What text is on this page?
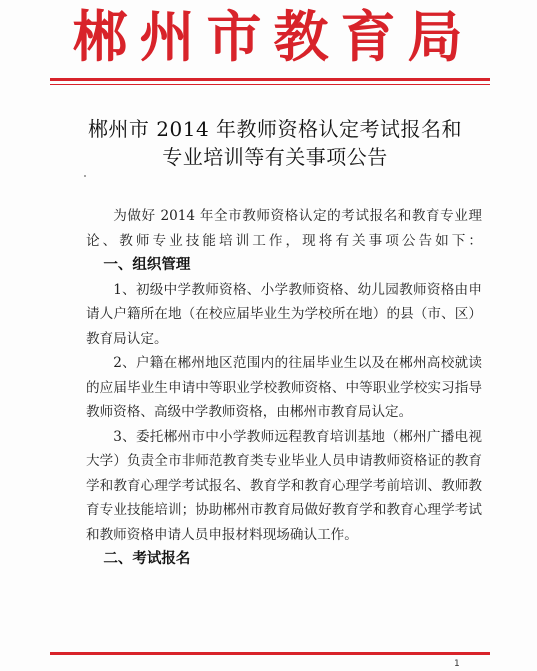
郴州市教育局
郴州市 2014 年教师资格认定考试报名和
专业培训等有关事项公告

为做好 2014 年全市教师资格认定的考试报名和教育专业理论、教师专业技能培训工作，现将有关事项公告如下：

一、组织管理

1、初级中学教师资格、小学教师资格、幼儿园教师资格由申请人户籍所在地（在校应届毕业生为学校所在地）的县（市、区）教育局认定。

2、户籍在郴州地区范围内的往届毕业生以及在郴州高校就读的应届毕业生申请中等职业学校教师资格、中等职业学校实习指导教师资格、高级中学教师资格，由郴州市教育局认定。

3、委托郴州市中小学教师远程教育培训基地（郴州广播电视大学）负责全市非师范教育类专业毕业人员申请教师资格证的教育学和教育心理学考试报名、教育学和教育心理学考前培训、教师教育专业技能培训；协助郴州市教育局做好教育学和教育心理学考试和教师资格申请人员申报材料现场确认工作。

二、考试报名
1
